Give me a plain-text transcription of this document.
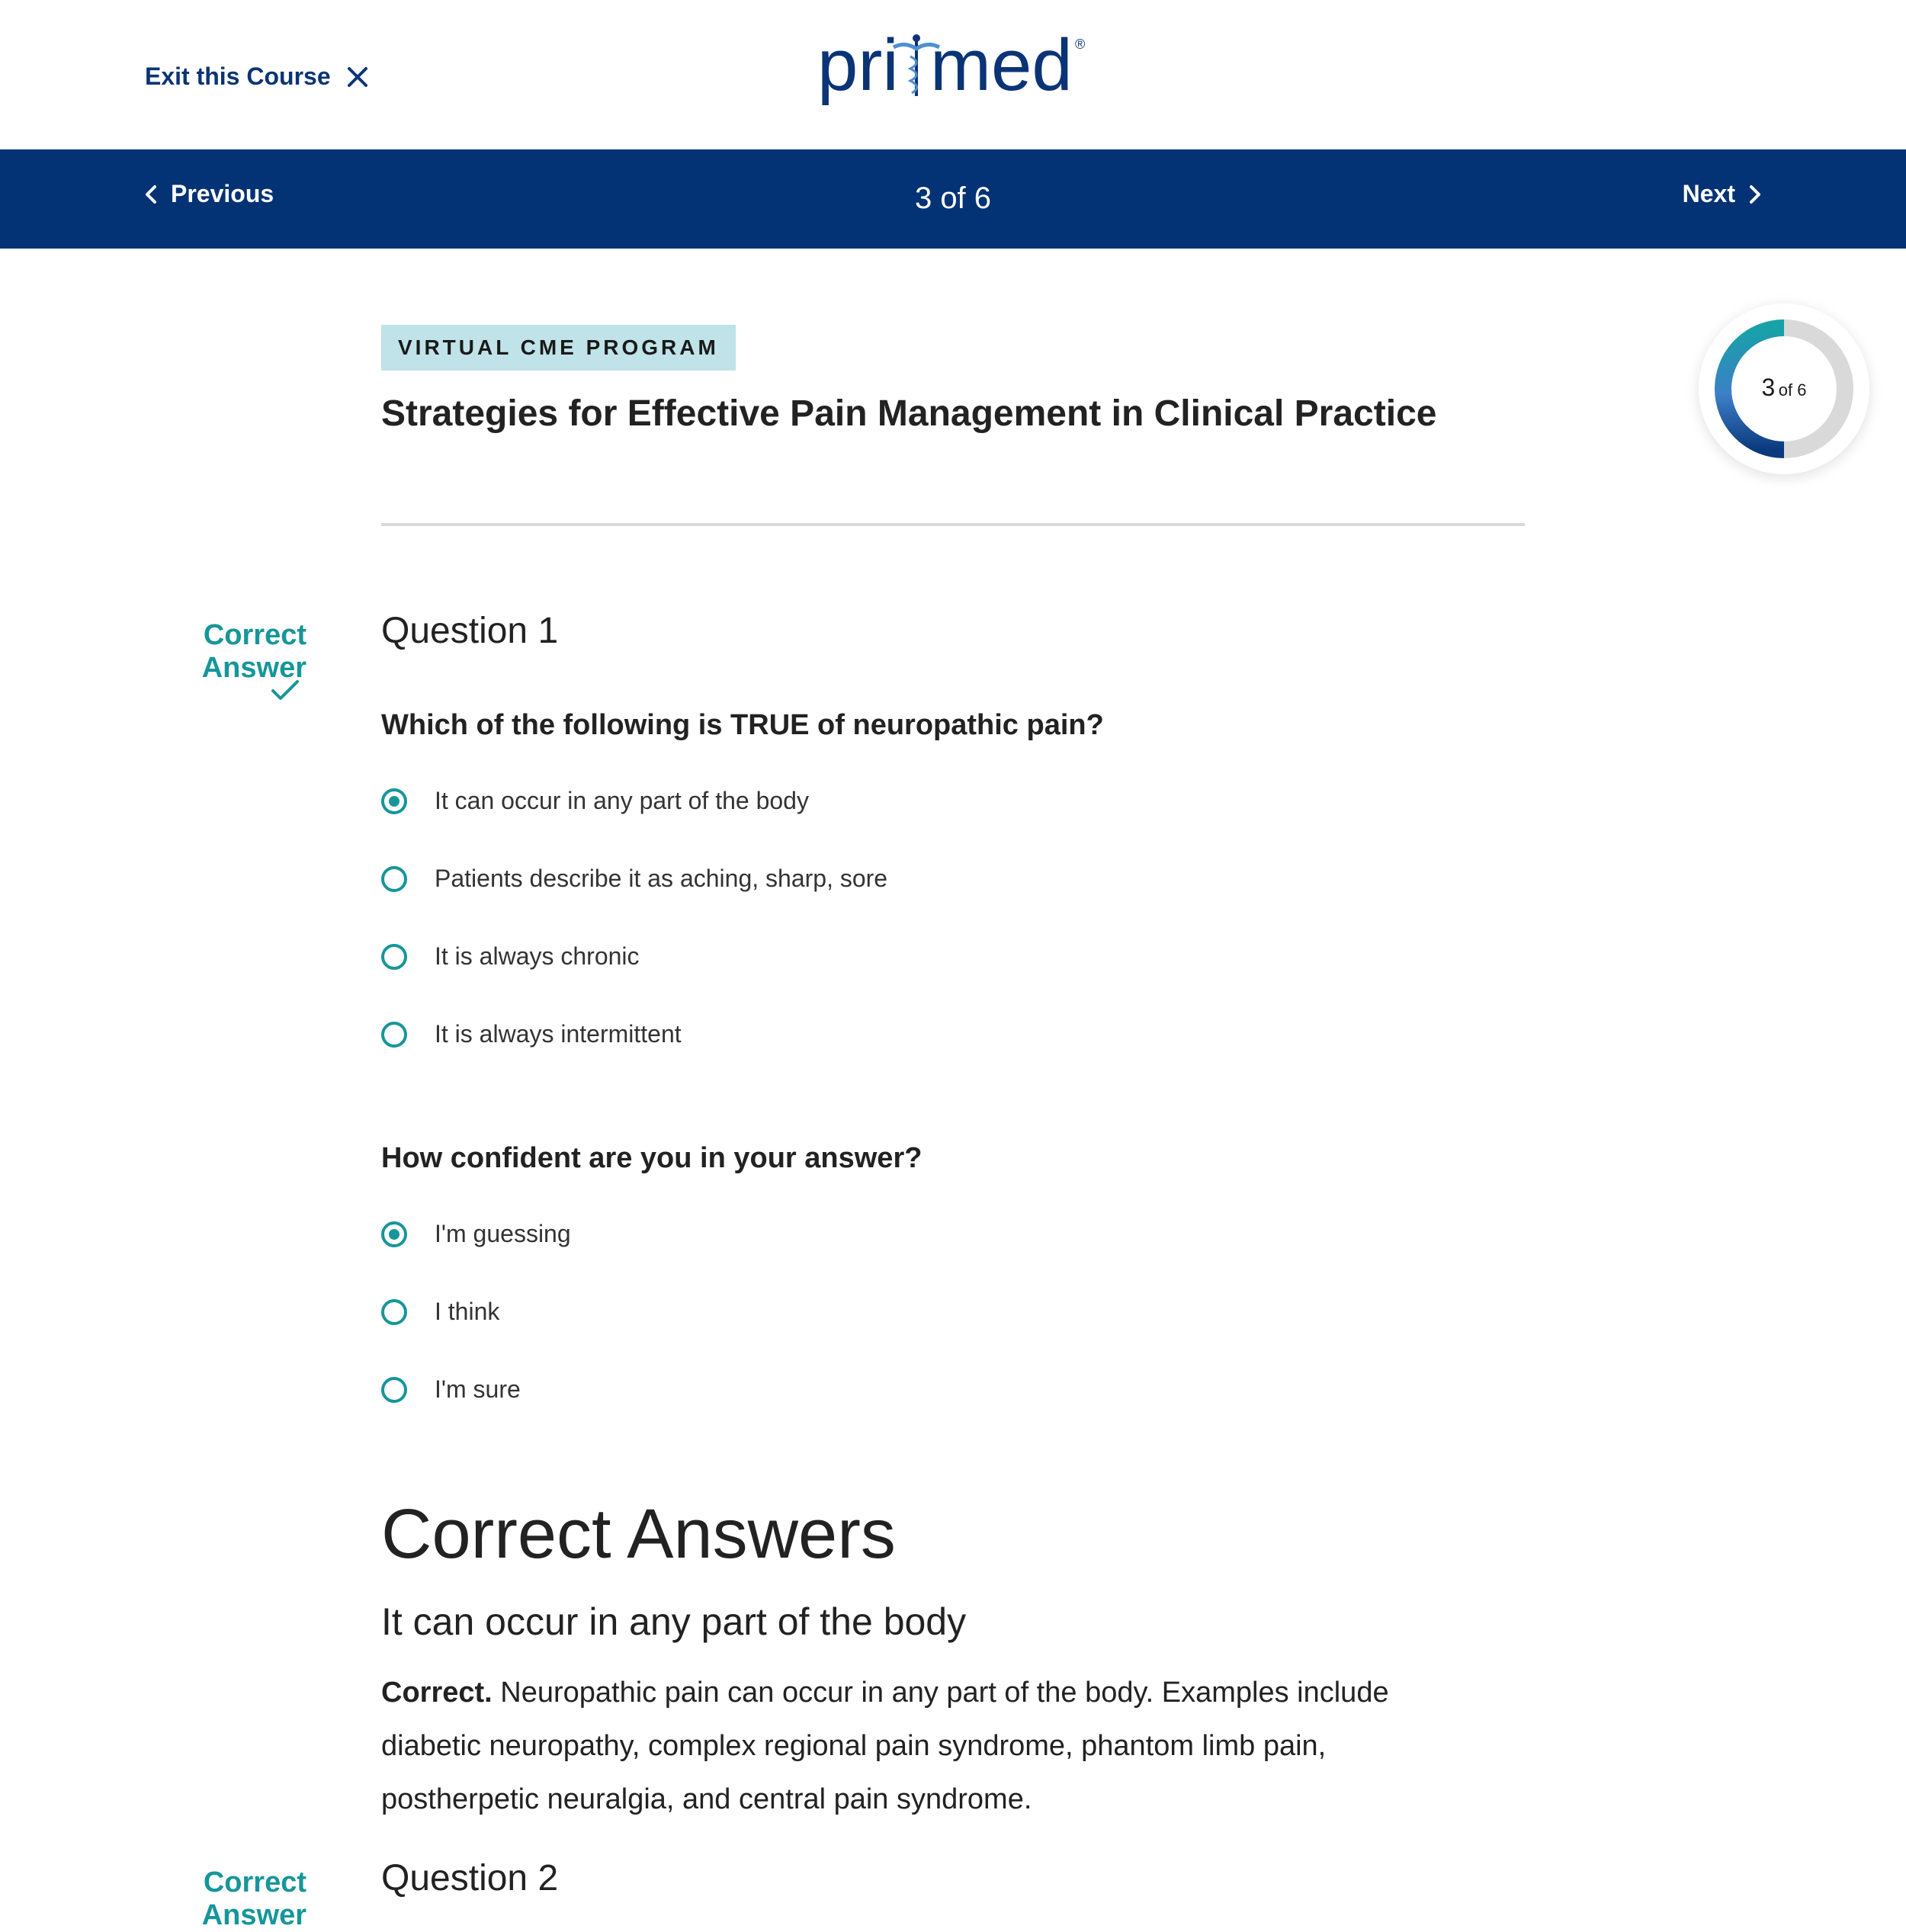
Exit this Course	pri med ®
Previous	3 of 6	Next
VIRTUAL CME PROGRAM
Strategies for Effective Pain Management in Clinical Practice
3 of 6
Correct Answer
Question 1

Which of the following is TRUE of neuropathic pain?

It can occur in any part of the body
Patients describe it as aching, sharp, sore
It is always chronic
It is always intermittent

How confident are you in your answer?

I'm guessing
I think
I'm sure
Correct Answers
It can occur in any part of the body

Correct. Neuropathic pain can occur in any part of the body. Examples include diabetic neuropathy, complex regional pain syndrome, phantom limb pain, postherpetic neuralgia, and central pain syndrome.

Correct Answer
Question 2
